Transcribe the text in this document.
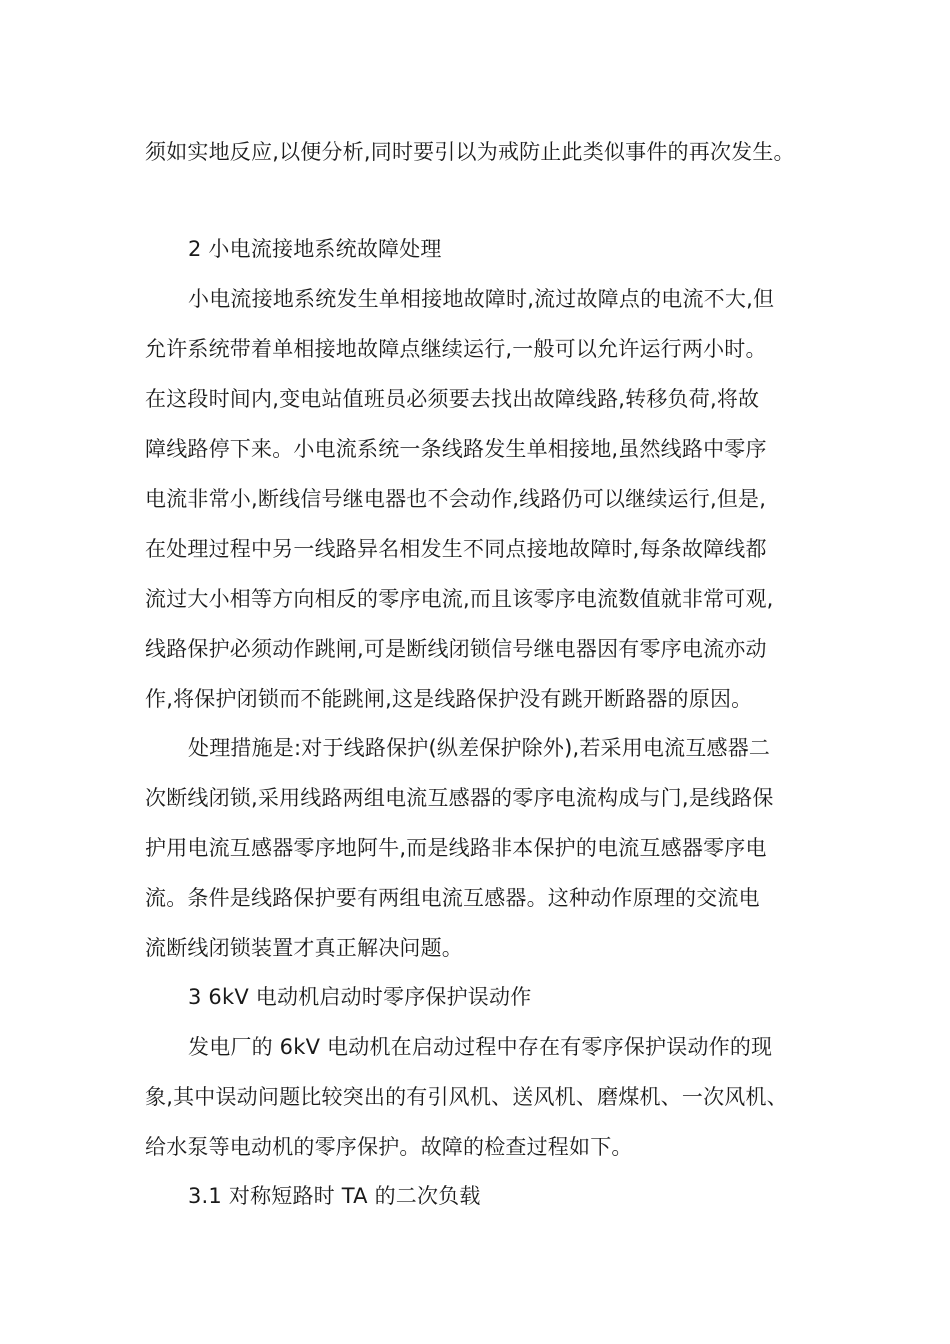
须如实地反应,以便分析,同时要引以为戒防止此类似事件的再次发生。
2 小电流接地系统故障处理
小电流接地系统发生单相接地故障时,流过故障点的电流不大,但
允许系统带着单相接地故障点继续运行,一般可以允许运行两小时。
在这段时间内,变电站值班员必须要去找出故障线路,转移负荷,将故
障线路停下来。小电流系统一条线路发生单相接地,虽然线路中零序
电流非常小,断线信号继电器也不会动作,线路仍可以继续运行,但是,
在处理过程中另一线路异名相发生不同点接地故障时,每条故障线都
流过大小相等方向相反的零序电流,而且该零序电流数值就非常可观,
线路保护必须动作跳闸,可是断线闭锁信号继电器因有零序电流亦动
作,将保护闭锁而不能跳闸,这是线路保护没有跳开断路器的原因。
处理措施是:对于线路保护(纵差保护除外),若采用电流互感器二
次断线闭锁,采用线路两组电流互感器的零序电流构成与门,是线路保
护用电流互感器零序地阿牛,而是线路非本保护的电流互感器零序电
流。条件是线路保护要有两组电流互感器。这种动作原理的交流电
流断线闭锁装置才真正解决问题。
3 6kV 电动机启动时零序保护误动作
发电厂的 6kV 电动机在启动过程中存在有零序保护误动作的现
象,其中误动问题比较突出的有引风机、送风机、磨煤机、一次风机、
给水泵等电动机的零序保护。故障的检查过程如下。
3.1 对称短路时 TA 的二次负载
